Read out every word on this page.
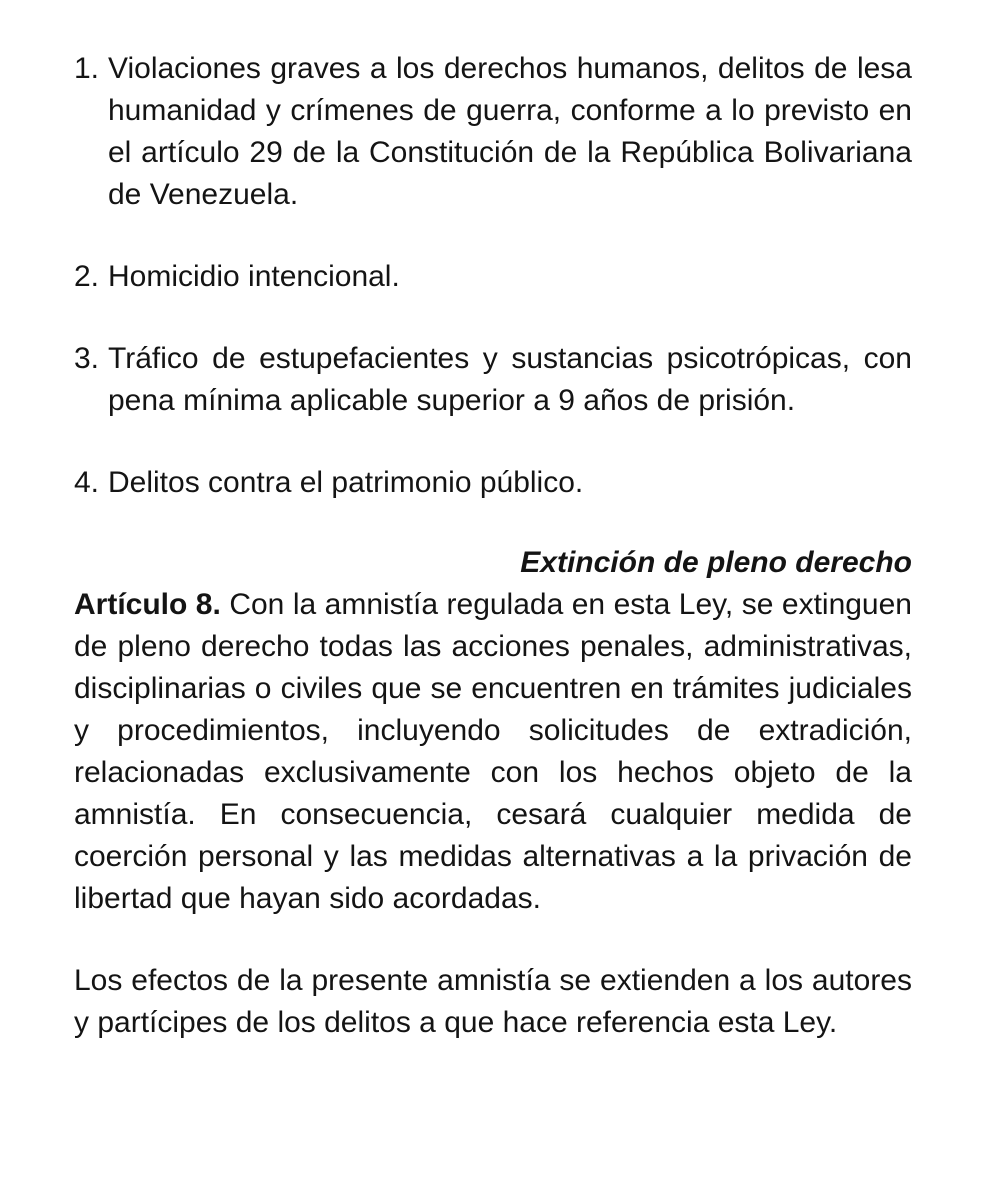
1. Violaciones graves a los derechos humanos, delitos de lesa humanidad y crímenes de guerra, conforme a lo previsto en el artículo 29 de la Constitución de la República Bolivariana de Venezuela.

2. Homicidio intencional.

3. Tráfico de estupefacientes y sustancias psicotrópicas, con pena mínima aplicable superior a 9 años de prisión.

4. Delitos contra el patrimonio público.

Extinción de pleno derecho

Artículo 8. Con la amnistía regulada en esta Ley, se extinguen de pleno derecho todas las acciones penales, administrativas, disciplinarias o civiles que se encuentren en trámites judiciales y procedimientos, incluyendo solicitudes de extradición, relacionadas exclusivamente con los hechos objeto de la amnistía. En consecuencia, cesará cualquier medida de coerción personal y las medidas alternativas a la privación de libertad que hayan sido acordadas.

Los efectos de la presente amnistía se extienden a los autores y partícipes de los delitos a que hace referencia esta Ley.
